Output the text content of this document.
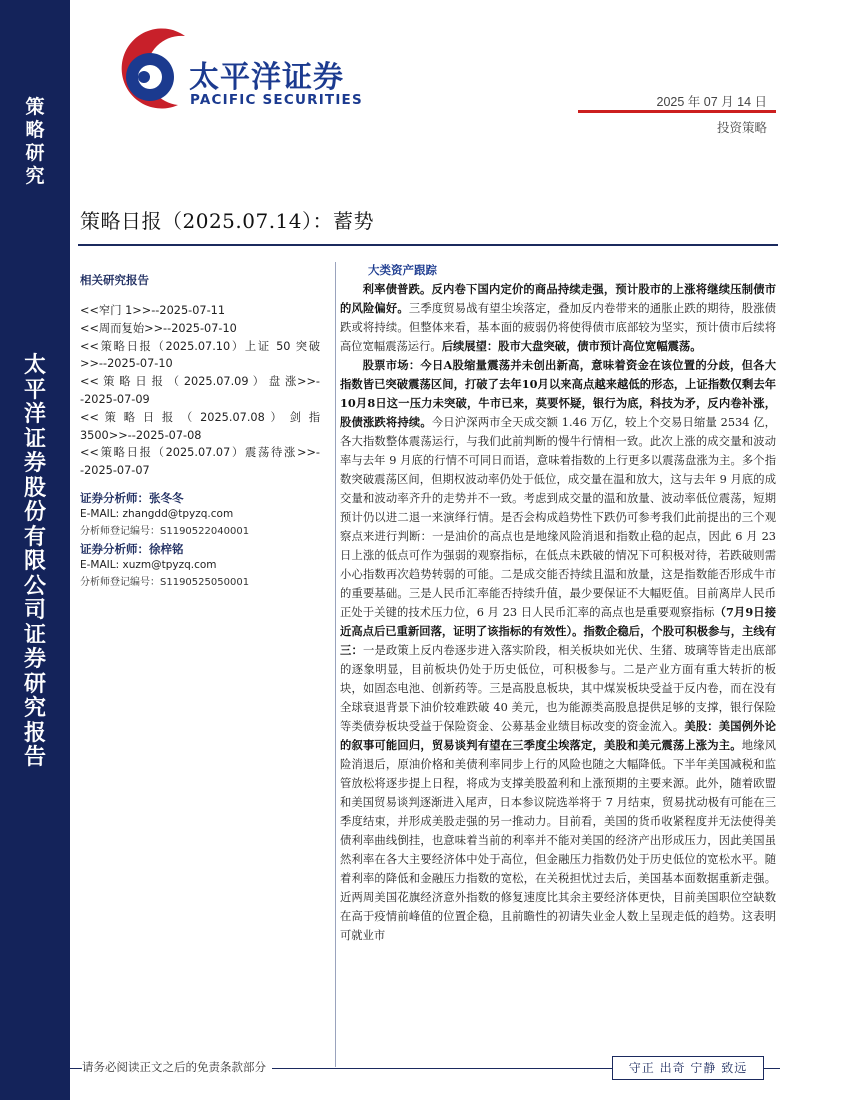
策
略
研
究
太
平
洋
证
券
股
份
有
限
公
司
证
券
研
究
报
告
太平洋证券
PACIFIC SECURITIES	2025 年 07 月 14 日
投资策略
策略日报（2025.07.14）：蓄势
相关研究报告
<<窄门 1>>--2025-07-11
<<周而复始>>--2025-07-10
<<策略日报（2025.07.10）上证 50 突破>>--2025-07-10
<< 策 略 日 报 （ 2025.07.09 ） 盘 涨>>--2025-07-09
<< 策 略 日 报 （ 2025.07.08 ） 剑 指 3500>>--2025-07-08
<<策略日报（2025.07.07）震荡待涨>>--2025-07-07
证券分析师：张冬冬
E-MAIL: zhangdd@tpyzq.com
分析师登记编号：S1190522040001
证券分析师：徐梓铭
E-MAIL: xuzm@tpyzq.com
分析师登记编号：S1190525050001
大类资产跟踪

利率债普跌。反内卷下国内定价的商品持续走强，预计股市的上涨将继续压制债市的风险偏好。三季度贸易战有望尘埃落定，叠加反内卷带来的通胀止跌的期待，股涨债跌或将持续。但整体来看，基本面的疲弱仍将使得债市底部较为坚实，预计债市后续将高位宽幅震荡运行。后续展望：股市大盘突破，债市预计高位宽幅震荡。

股票市场：今日A股缩量震荡并未创出新高，意味着资金在该位置的分歧，但各大指数皆已突破震荡区间，打破了去年10月以来高点越来越低的形态，上证指数仅剩去年10月8日这一压力未突破，牛市已来，莫要怀疑，银行为底，科技为矛，反内卷补涨，股债涨跌将持续。今日沪深两市全天成交额 1.46 万亿，较上个交易日缩量 2534 亿，各大指数整体震荡运行，与我们此前判断的慢牛行情相一致。此次上涨的成交量和波动率与去年 9 月底的行情不可同日而语，意味着指数的上行更多以震荡盘涨为主。多个指数突破震荡区间，但期权波动率仍处于低位，成交量在温和放大，这与去年 9 月底的成交量和波动率齐升的走势并不一致。考虑到成交量的温和放量、波动率低位震荡，短期预计仍以进二退一来演绎行情。是否会构成趋势性下跌仍可参考我们此前提出的三个观察点来进行判断：一是油价的高点也是地缘风险消退和指数止稳的起点，因此 6 月 23 日上涨的低点可作为强弱的观察指标，在低点未跌破的情况下可积极对待，若跌破则需小心指数再次趋势转弱的可能。二是成交能否持续且温和放量，这是指数能否形成牛市的重要基础。三是人民币汇率能否持续升值，最少要保证不大幅贬值。目前离岸人民币正处于关键的技术压力位，6 月 23 日人民币汇率的高点也是重要观察指标（7月9日接近高点后已重新回落，证明了该指标的有效性）。指数企稳后，个股可积极参与，主线有三：一是政策上反内卷逐步进入落实阶段，相关板块如光伏、生猪、玻璃等皆走出底部的逐象明显，目前板块仍处于历史低位，可积极参与。二是产业方面有重大转折的板块，如固态电池、创新药等。三是高股息板块，其中煤炭板块受益于反内卷，而在没有全球衰退背景下油价较难跌破 40 美元，也为能源类高股息提供足够的支撑，银行保险等类债券板块受益于保险资金、公募基金业绩目标改变的资金流入。美股：美国例外论的叙事可能回归，贸易谈判有望在三季度尘埃落定，美股和美元震荡上涨为主。地缘风险消退后，原油价格和美债利率同步上行的风险也随之大幅降低。下半年美国减税和监管放松将逐步提上日程，将成为支撑美股盈利和上涨预期的主要来源。此外，随着欧盟和美国贸易谈判逐渐进入尾声，日本参议院选举将于 7 月结束，贸易扰动极有可能在三季度结束，并形成美股走强的另一推动力。目前看，美国的货币收紧程度并无法使得美债利率曲线倒挂，也意味着当前的利率并不能对美国的经济产出形成压力，因此美国虽然利率在各大主要经济体中处于高位，但金融压力指数仍处于历史低位的宽松水平。随着利率的降低和金融压力指数的宽松，在关税担忧过去后，美国基本面数据重新走强。近两周美国花旗经济意外指数的修复速度比其余主要经济体更快，目前美国职位空缺数在高于疫情前峰值的位置企稳，且前瞻性的初请失业金人数上呈现走低的趋势。这表明可就业市

请务必阅读正文之后的免责条款部分	守正 出奇 宁静 致远
